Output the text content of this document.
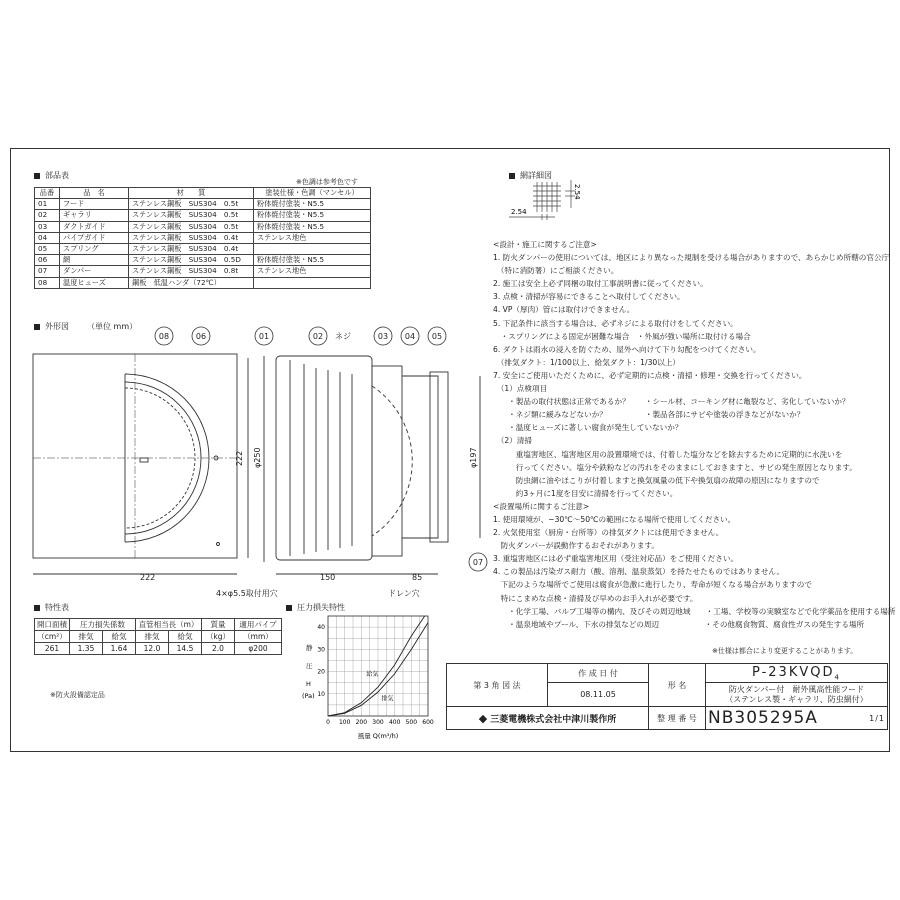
※色調は参考色です
部品表
品番	品　名	材　　質	塗装仕様・色調（マンセル）
01	フード	ステンレス鋼板　SUS304　0.5t	粉体焼付塗装・N5.5
02	ギャラリ	ステンレス鋼板　SUS304　0.5t	粉体焼付塗装・N5.5
03	ダクトガイド	ステンレス鋼板　SUS304　0.5t	粉体焼付塗装・N5.5
04	パイプガイド	ステンレス鋼板　SUS304　0.4t	ステンレス地色
05	スプリング	ステンレス鋼板　SUS304　0.4t	
06	網	ステンレス鋼板　SUS304　0.5D	粉体焼付塗装・N5.5
07	ダンパー	ステンレス鋼板　SUS304　0.8t	ステンレス地色
08	温度ヒューズ	鋼板　低温ハンダ（72℃）	
網詳細図
2.54
2.54
外形図 （単位 mm）
222	150	85
222 φ250	φ197
4×φ5.5取付用穴	ドレン穴
ネジ
08	06	01	02	03 04 05
07
<設計・施工に関するご注意>
1. 防火ダンパーの使用については、地区により異なった規制を受ける場合がありますので、あらかじめ所轄の官公庁
　（特に消防署）にご相談ください。
2. 施工は安全上必ず同梱の取付工事説明書に従ってください。
3. 点検・清掃が容易にできることへ取付してください。
4. VP（厚肉）管には取付けできません。
5. 下記条件に該当する場合は、必ずネジによる取付けをしてください。
　・スプリングによる固定が困難な場合　・外風が強い場所に取付ける場合
6. ダクトは雨水の浸入を防ぐため、屋外へ向けて下り勾配をつけてください。
　（排気ダクト：1/100以上、給気ダクト：1/30以上）
7. 安全にご使用いただくために、必ず定期的に点検・清掃・修理・交換を行ってください。
　（1）点検項目
　　・製品の取付状態は正常であるか？　　・シール材、コーキング材に亀裂など、劣化していないか？
　　・ネジ類に緩みなどないか？　　　　　・製品各部にサビや塗装の浮きなどがないか？
　　・温度ヒューズに著しい腐食が発生していないか？
　（2）清掃
　　　重塩害地区、塩害地区用の設置環境では、付着した塩分などを除去するために定期的に水洗いを
　　　行ってください。塩分や鉄粉などの汚れをそのままにしておきますと、サビの発生原因となります。
　　　防虫網に油やほこりが付着しますと換気風量の低下や換気扇の故障の原因になりますので
　　　約3ヶ月に1度を目安に清掃を行ってください。
<設置場所に関するご注意>
1. 使用環境が、−30℃〜50℃の範囲になる場所で使用してください。
2. 火気使用室（厨房・台所等）の排気ダクトには使用できません。
　防火ダンパーが誤動作するおそれがあります。
3. 重塩害地区には必ず重塩害地区用（受注対応品）をご使用ください。
4. この製品は汚染ガス耐力（酸、溶剤、温泉蒸気）を持たせたものではありません。
　下記のような場所でご使用は腐食が急激に進行したり、寿命が短くなる場合がありますので
　特にこまめな点検・清掃及び早めのお手入れが必要です。
　　・化学工場、バルブ工場等の構内、及びその周辺地域　　・工場、学校等の実験室などで化学薬品を使用する場所
　　・温泉地域やプール、下水の排気などの周辺　　　　　　・その他腐食物質、腐食性ガスの発生する場所
※仕様は都合により変更することがあります。
特性表
開口面積	圧力損失係数		直管相当長（m）		質量	適用パイプ
（cm²）	排気	給気	排気	給気	（kg）	（mm）
261	1.35	1.64	12.0	14.5	2.0	φ200
※防火設備認定品
圧力損失特性
0 100 200 300 400 500 600
10
20
30
40
給気
排気
静
圧
H
(Pa)
風量 Q(m³/h)
第 3 角 図 法	作 成 日 付	形 名	$P-23KVQD_4$
	08.11.05		防火ダンパー付　耐外風高性能フード
（ステンレス製・ギャラリ、防虫網付）

◆ 三菱電機株式会社中津川製作所		整 理 番 号	NB305295A 1/1
